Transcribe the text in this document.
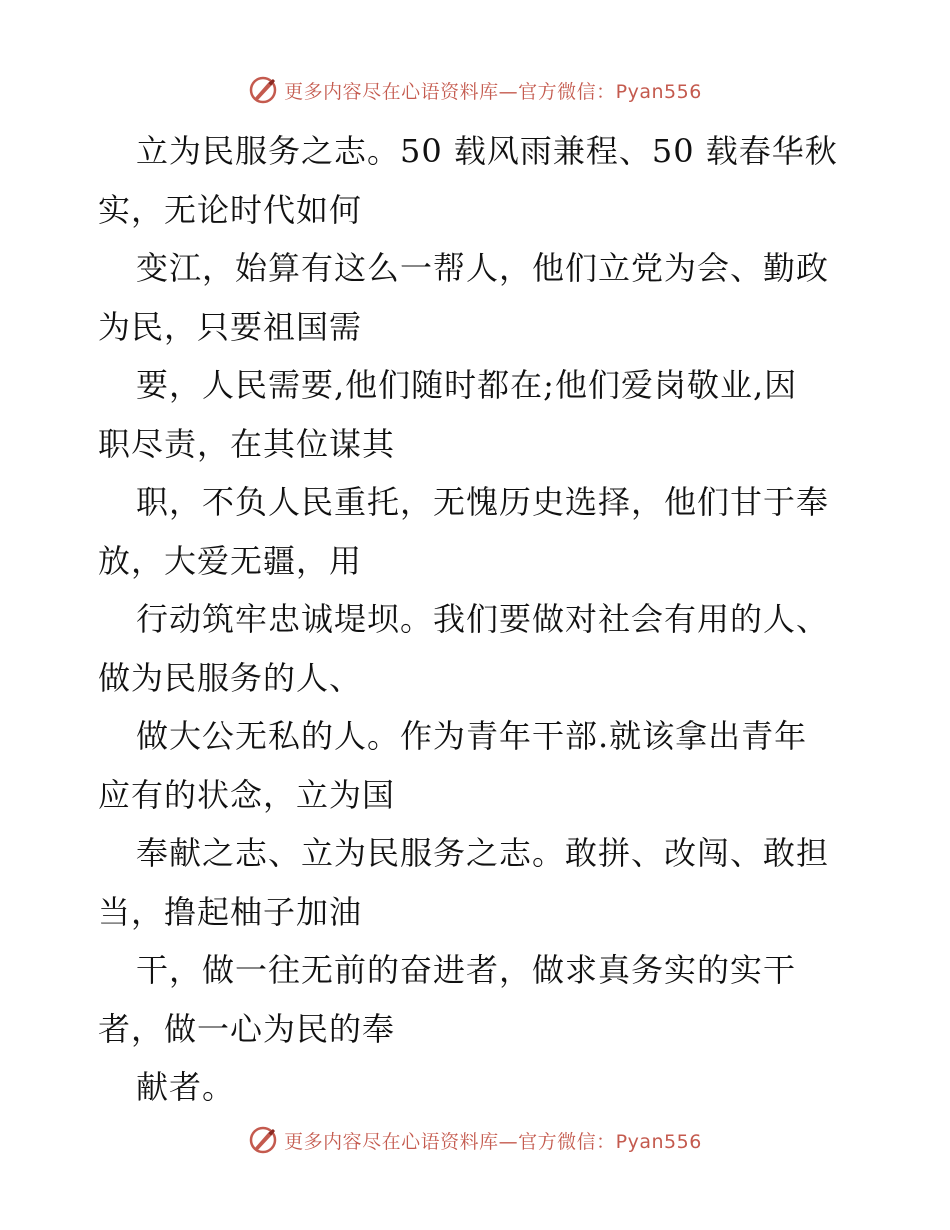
更多内容尽在心语资料库—官方微信：Pyan556
立为民服务之志。50 载风雨兼程、50 载春华秋
实，无论时代如何
变江，始算有这么一帮人，他们立党为会、勤政
为民，只要祖国需
要，人民需要,他们随时都在;他们爱岗敬业,因
职尽责，在其位谋其
职，不负人民重托，无愧历史选择，他们甘于奉
放，大爱无疆，用
行动筑牢忠诚堤坝。我们要做对社会有用的人、
做为民服务的人、
做大公无私的人。作为青年干部.就该拿出青年
应有的状念，立为国
奉献之志、立为民服务之志。敢拼、改闯、敢担
当，撸起柚子加油
干，做一往无前的奋进者，做求真务实的实干
者，做一心为民的奉
献者。
更多内容尽在心语资料库—官方微信：Pyan556
